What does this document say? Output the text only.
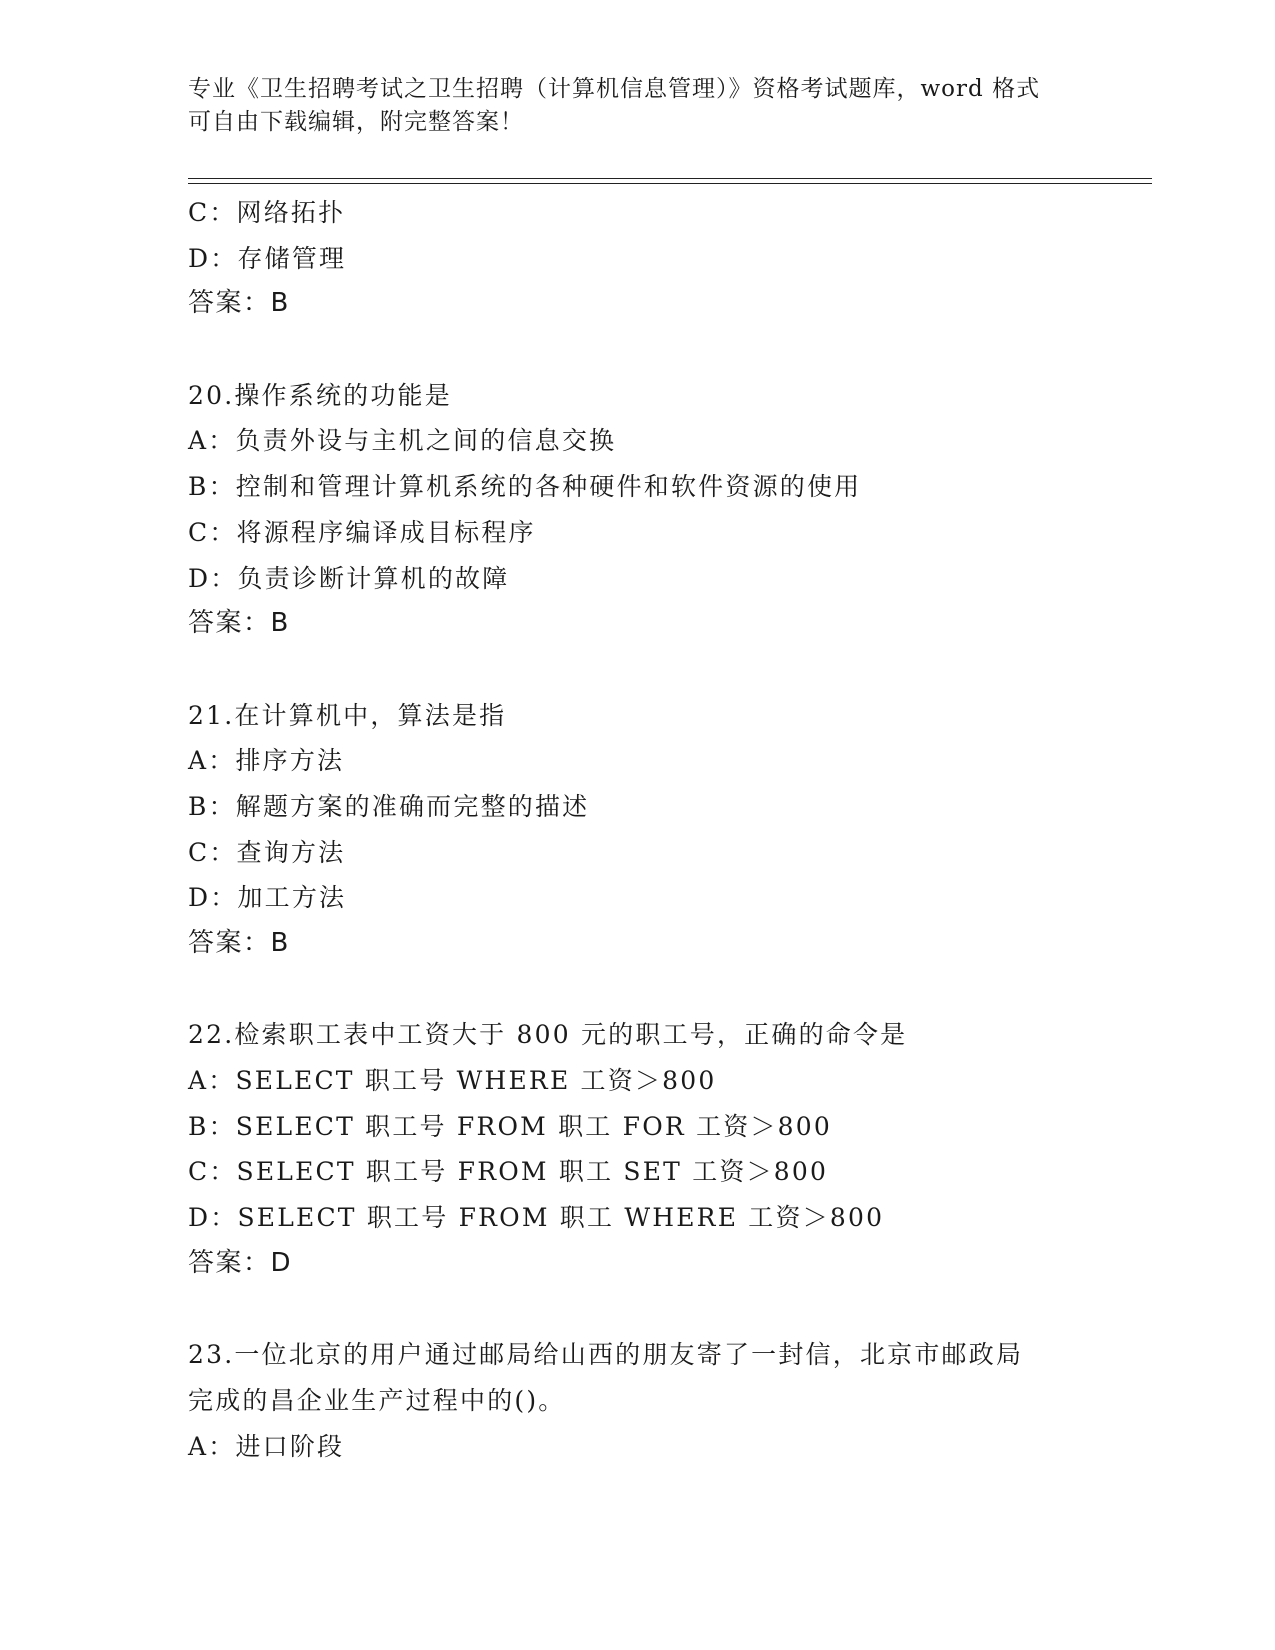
专业《卫生招聘考试之卫生招聘（计算机信息管理）》资格考试题库，word 格式
可自由下载编辑，附完整答案！
C：网络拓扑
D：存储管理
答案：B
20.操作系统的功能是
A：负责外设与主机之间的信息交换
B：控制和管理计算机系统的各种硬件和软件资源的使用
C：将源程序编译成目标程序
D：负责诊断计算机的故障
答案：B
21.在计算机中，算法是指
A：排序方法
B：解题方案的准确而完整的描述
C：查询方法
D：加工方法
答案：B
22.检索职工表中工资大于 800 元的职工号，正确的命令是
A：SELECT 职工号 WHERE 工资＞800
B：SELECT 职工号 FROM 职工 FOR 工资＞800
C：SELECT 职工号 FROM 职工 SET 工资＞800
D：SELECT 职工号 FROM 职工 WHERE 工资＞800
答案：D
23.一位北京的用户通过邮局给山西的朋友寄了一封信，北京市邮政局
完成的昌企业生产过程中的()。
A：进口阶段
